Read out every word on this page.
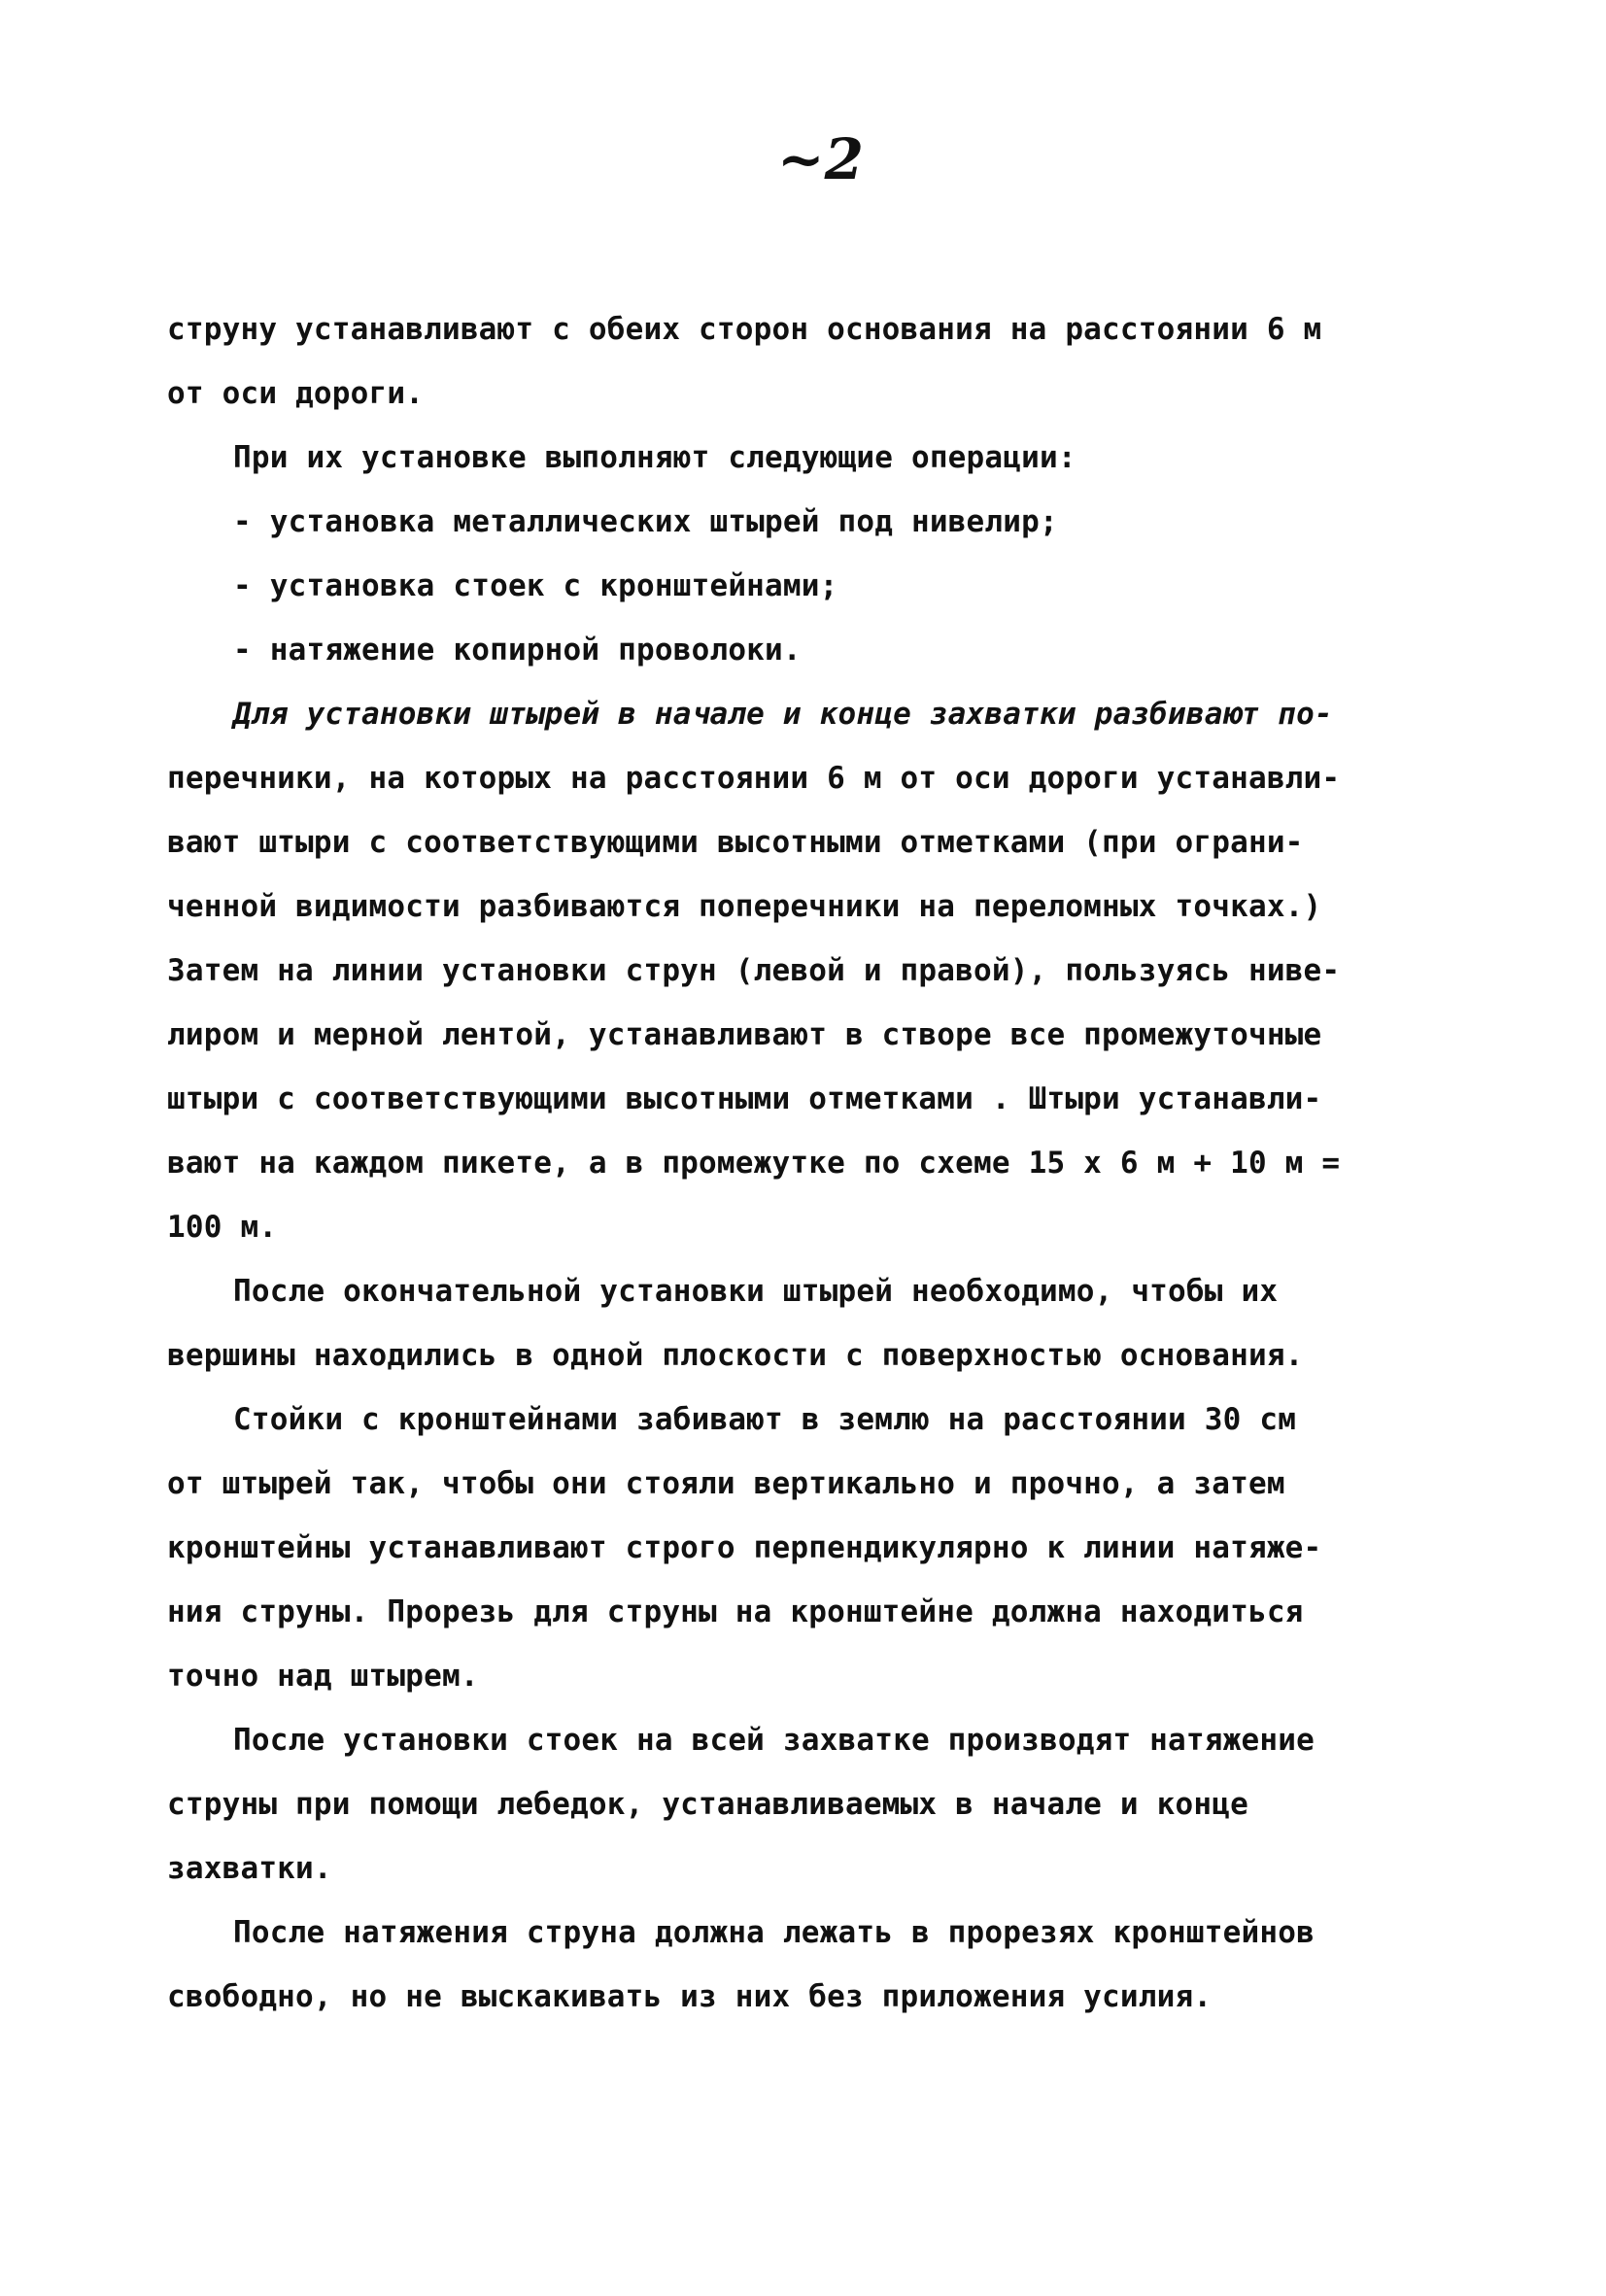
~2
струну устанавливают с обеих сторон основания на расстоянии 6 м
от оси дороги.
При их установке выполняют следующие операции:
- установка металлических штырей под нивелир;
- установка стоек с кронштейнами;
- натяжение копирной проволоки.
Для установки штырей в начале и конце захватки разбивают по-
перечники, на которых на расстоянии 6 м от оси дороги устанавли-
вают штыри с соответствующими высотными отметками (при ограни-
ченной видимости разбиваются поперечники на переломных точках.)
Затем на линии установки струн (левой и правой), пользуясь ниве-
лиром и мерной лентой, устанавливают в створе все промежуточные
штыри с соответствующими высотными отметками . Штыри устанавли-
вают на каждом пикете, а в промежутке по схеме 15 х 6 м + 10 м =
100 м.
После окончательной установки штырей необходимо, чтобы их
вершины находились в одной плоскости с поверхностью основания.
Стойки с кронштейнами забивают в землю на расстоянии 30 см
от штырей так, чтобы они стояли вертикально и прочно, а затем
кронштейны устанавливают строго перпендикулярно к линии натяже-
ния струны. Прорезь для струны на кронштейне должна находиться
точно над штырем.
После установки стоек на всей захватке производят натяжение
струны при помощи лебедок, устанавливаемых в начале и конце
захватки.
После натяжения струна должна лежать в прорезях кронштейнов
свободно, но не выскакивать из них без приложения усилия.
